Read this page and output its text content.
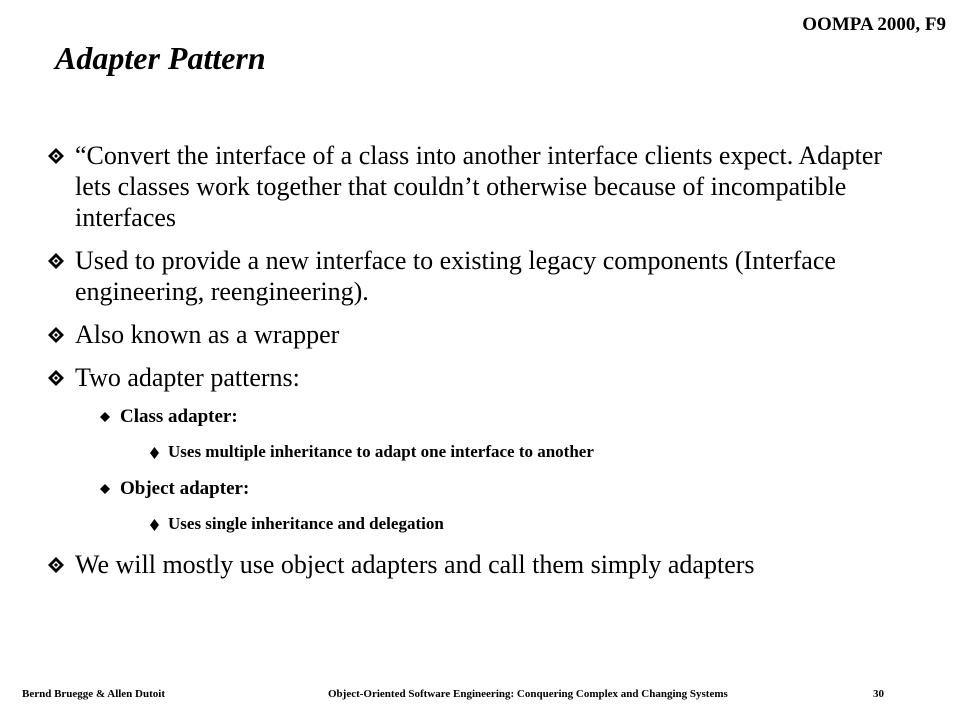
OOMPA 2000, F9
Adapter Pattern
“Convert the interface of a class into another interface clients expect. Adapter lets classes work together that couldn’t otherwise because of incompatible interfaces
Used to provide a new interface to existing legacy components (Interface engineering, reengineering).
Also known as a wrapper
Two adapter patterns:
Class adapter:
Uses multiple inheritance to adapt one interface to another
Object adapter:
Uses single inheritance and delegation
We will mostly use object adapters and call them simply adapters
Bernd Bruegge & Allen Dutoit	Object-Oriented Software Engineering: Conquering Complex and Changing Systems	30
